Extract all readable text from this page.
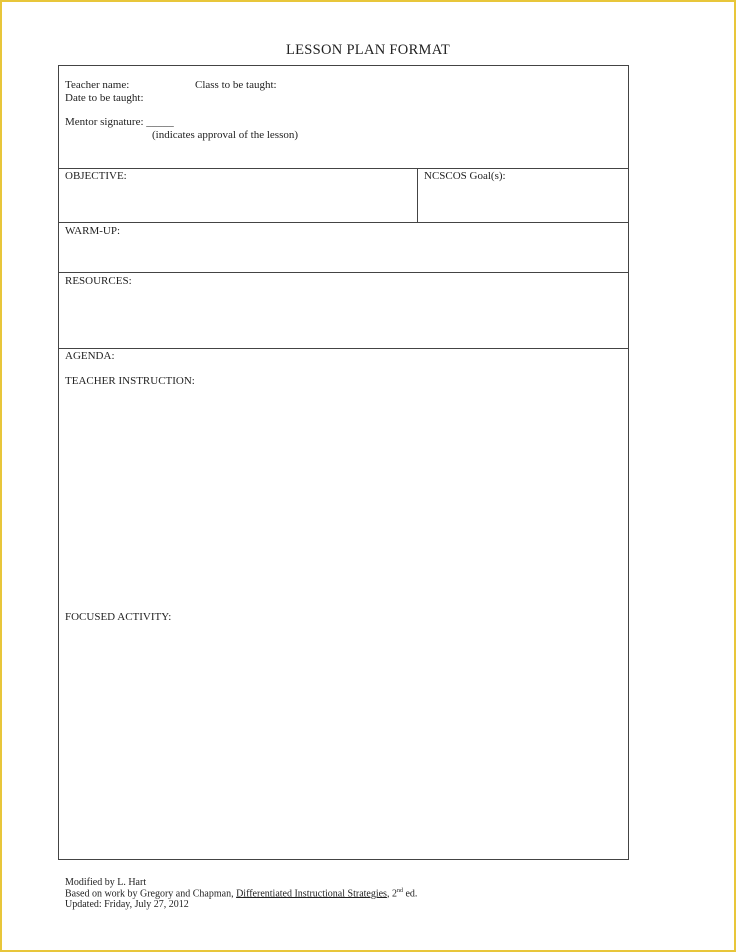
LESSON PLAN FORMAT
Teacher name:	Class to be taught:
Date to be taught:
Mentor signature: _____
(indicates approval of the lesson)
OBJECTIVE:	NCSCOS Goal(s):
WARM-UP:
RESOURCES:
AGENDA:
TEACHER INSTRUCTION:
FOCUSED ACTIVITY:
Modified by L. Hart
Based on work by Gregory and Chapman, Differentiated Instructional Strategies, 2nd ed.
Updated: Friday, July 27, 2012
